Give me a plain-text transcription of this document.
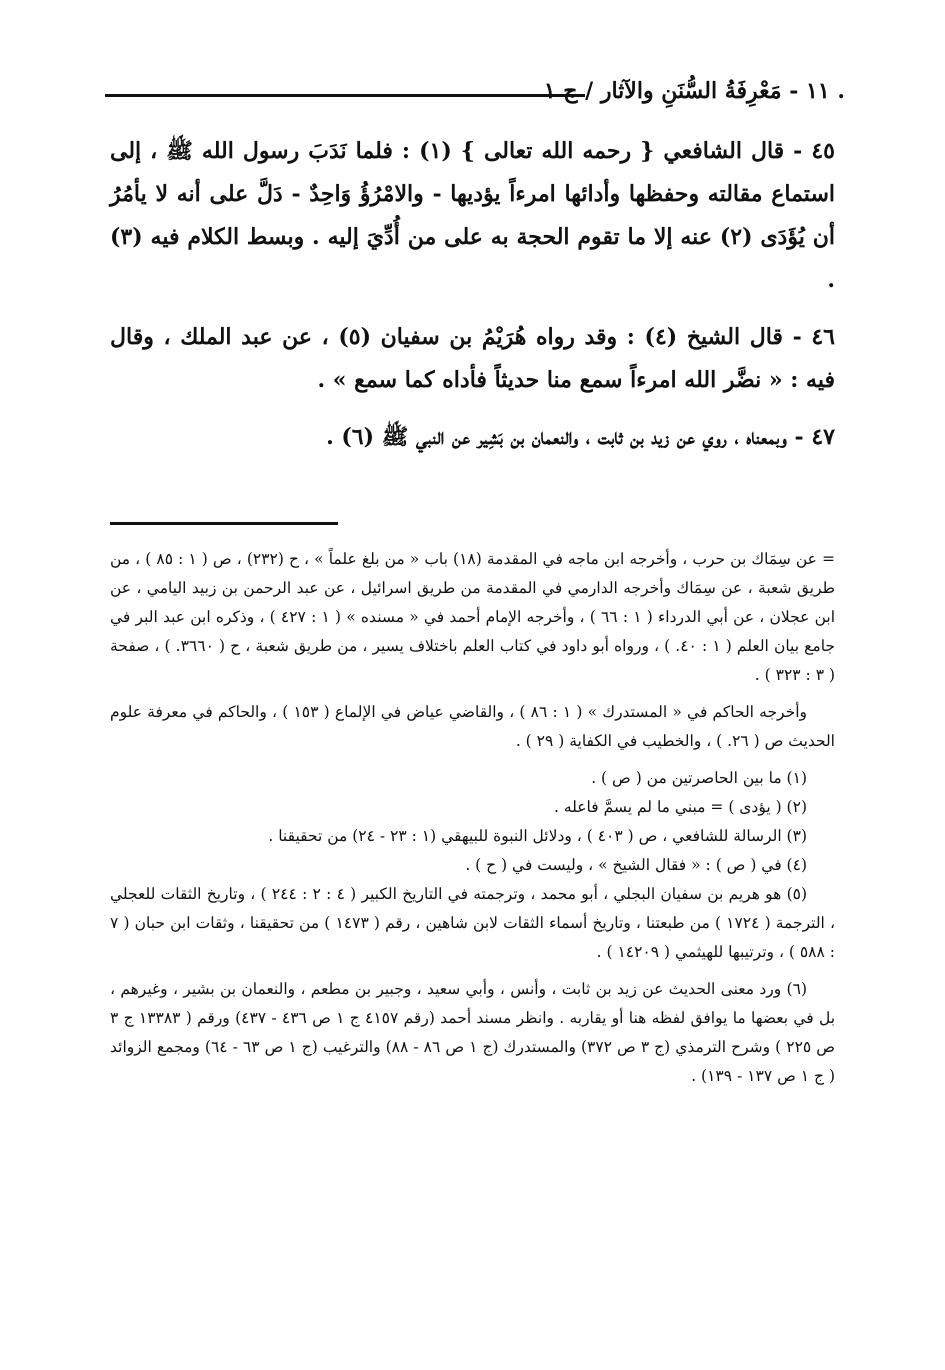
. ١١ - مَعْرِفَةُ السُّنَنِ والآثار / ج ١

٤٥ - قال الشافعي { رحمه الله تعالى } (١) : فلما نَدَبَ رسول الله ﷺ ، إلى استماع مقالته وحفظها وأدائها امرءاً يؤديها - والامْرُؤُ وَاحِدٌ - دَلَّ على أنه لا يأمُرُ أن يُؤَدَى (٢) عنه إلا ما تقوم الحجة به على من أُدِّيَ إليه . وبسط الكلام فيه (٣) .

٤٦ - قال الشيخ (٤) : وقد رواه هُرَيْمُ بن سفيان (٥) ، عن عبد الملك ، وقال فيه : « نضَّر الله امرءاً سمع منا حديثاً فأداه كما سمع » .

٤٧ - وبمعناه ، روي عن زيد بن ثابت ، والنعمان بن بَشِير عن النبي ﷺ (٦) .

= عن سِمَاك بن حرب ، وأخرجه ابن ماجه في المقدمة (١٨) باب « من بلغ علماً » ، ح (٢٣٢) ، ص ( ١ : ٨٥ ) ، من طريق شعبة ، عن سِمَاك وأخرجه الدارمي في المقدمة من طريق اسرائيل ، عن عبد الرحمن بن زبيد اليامي ، عن ابن عجلان ، عن أبي الدرداء ( ١ : ٦٦ ) ، وأخرجه الإمام أحمد في « مسنده » ( ١ : ٤٢٧ ) ، وذكره ابن عبد البر في جامع بيان العلم ( ١ : ٤٠. ) ، ورواه أبو داود في كتاب العلم باختلاف يسير ، من طريق شعبة ، ح ( ٣٦٦٠. ) ، صفحة ( ٣ : ٣٢٣ ) .

وأخرجه الحاكم في « المستدرك » ( ١ : ٨٦ ) ، والقاضي عياض في الإلماع ( ١٥٣ ) ، والحاكم في معرفة علوم الحديث ص ( ٢٦. ) ، والخطيب في الكفاية ( ٢٩ ) .

(١) ما بين الحاصرتين من ( ص ) .

(٢) ( يؤدى ) = مبني ما لم يسمَّ فاعله .

(٣) الرسالة للشافعي ، ص ( ٤٠٣ ) ، ودلائل النبوة للبيهقي (١ : ٢٣ - ٢٤) من تحقيقنا .

(٤) في ( ص ) : « فقال الشيخ » ، وليست في ( ح ) .

(٥) هو هريم بن سفيان البجلي ، أبو محمد ، وترجمته في التاريخ الكبير ( ٤ : ٢ : ٢٤٤ ) ، وتاريخ الثقات للعجلي ، الترجمة ( ١٧٢٤ ) من طبعتنا ، وتاريخ أسماء الثقات لابن شاهين ، رقم ( ١٤٧٣ ) من تحقيقنا ، وثقات ابن حبان ( ٧ : ٥٨٨ ) ، وترتيبها للهيثمي ( ١٤٢٠٩ ) .

(٦) ورد معنى الحديث عن زيد بن ثابت ، وأنس ، وأبي سعيد ، وجبير بن مطعم ، والنعمان بن بشير ، وغيرهم ، بل في بعضها ما يوافق لفظه هنا أو يقاربه . وانظر مسند أحمد (رقم ٤١٥٧ ج ١ ص ٤٣٦ - ٤٣٧) ورقم ( ١٣٣٨٣ ج ٣ ص ٢٢٥ ) وشرح الترمذي (ج ٣ ص ٣٧٢) والمستدرك (ج ١ ص ٨٦ - ٨٨) والترغيب (ج ١ ص ٦٣ - ٦٤) ومجمع الزوائد ( ج ١ ص ١٣٧ - ١٣٩) .
